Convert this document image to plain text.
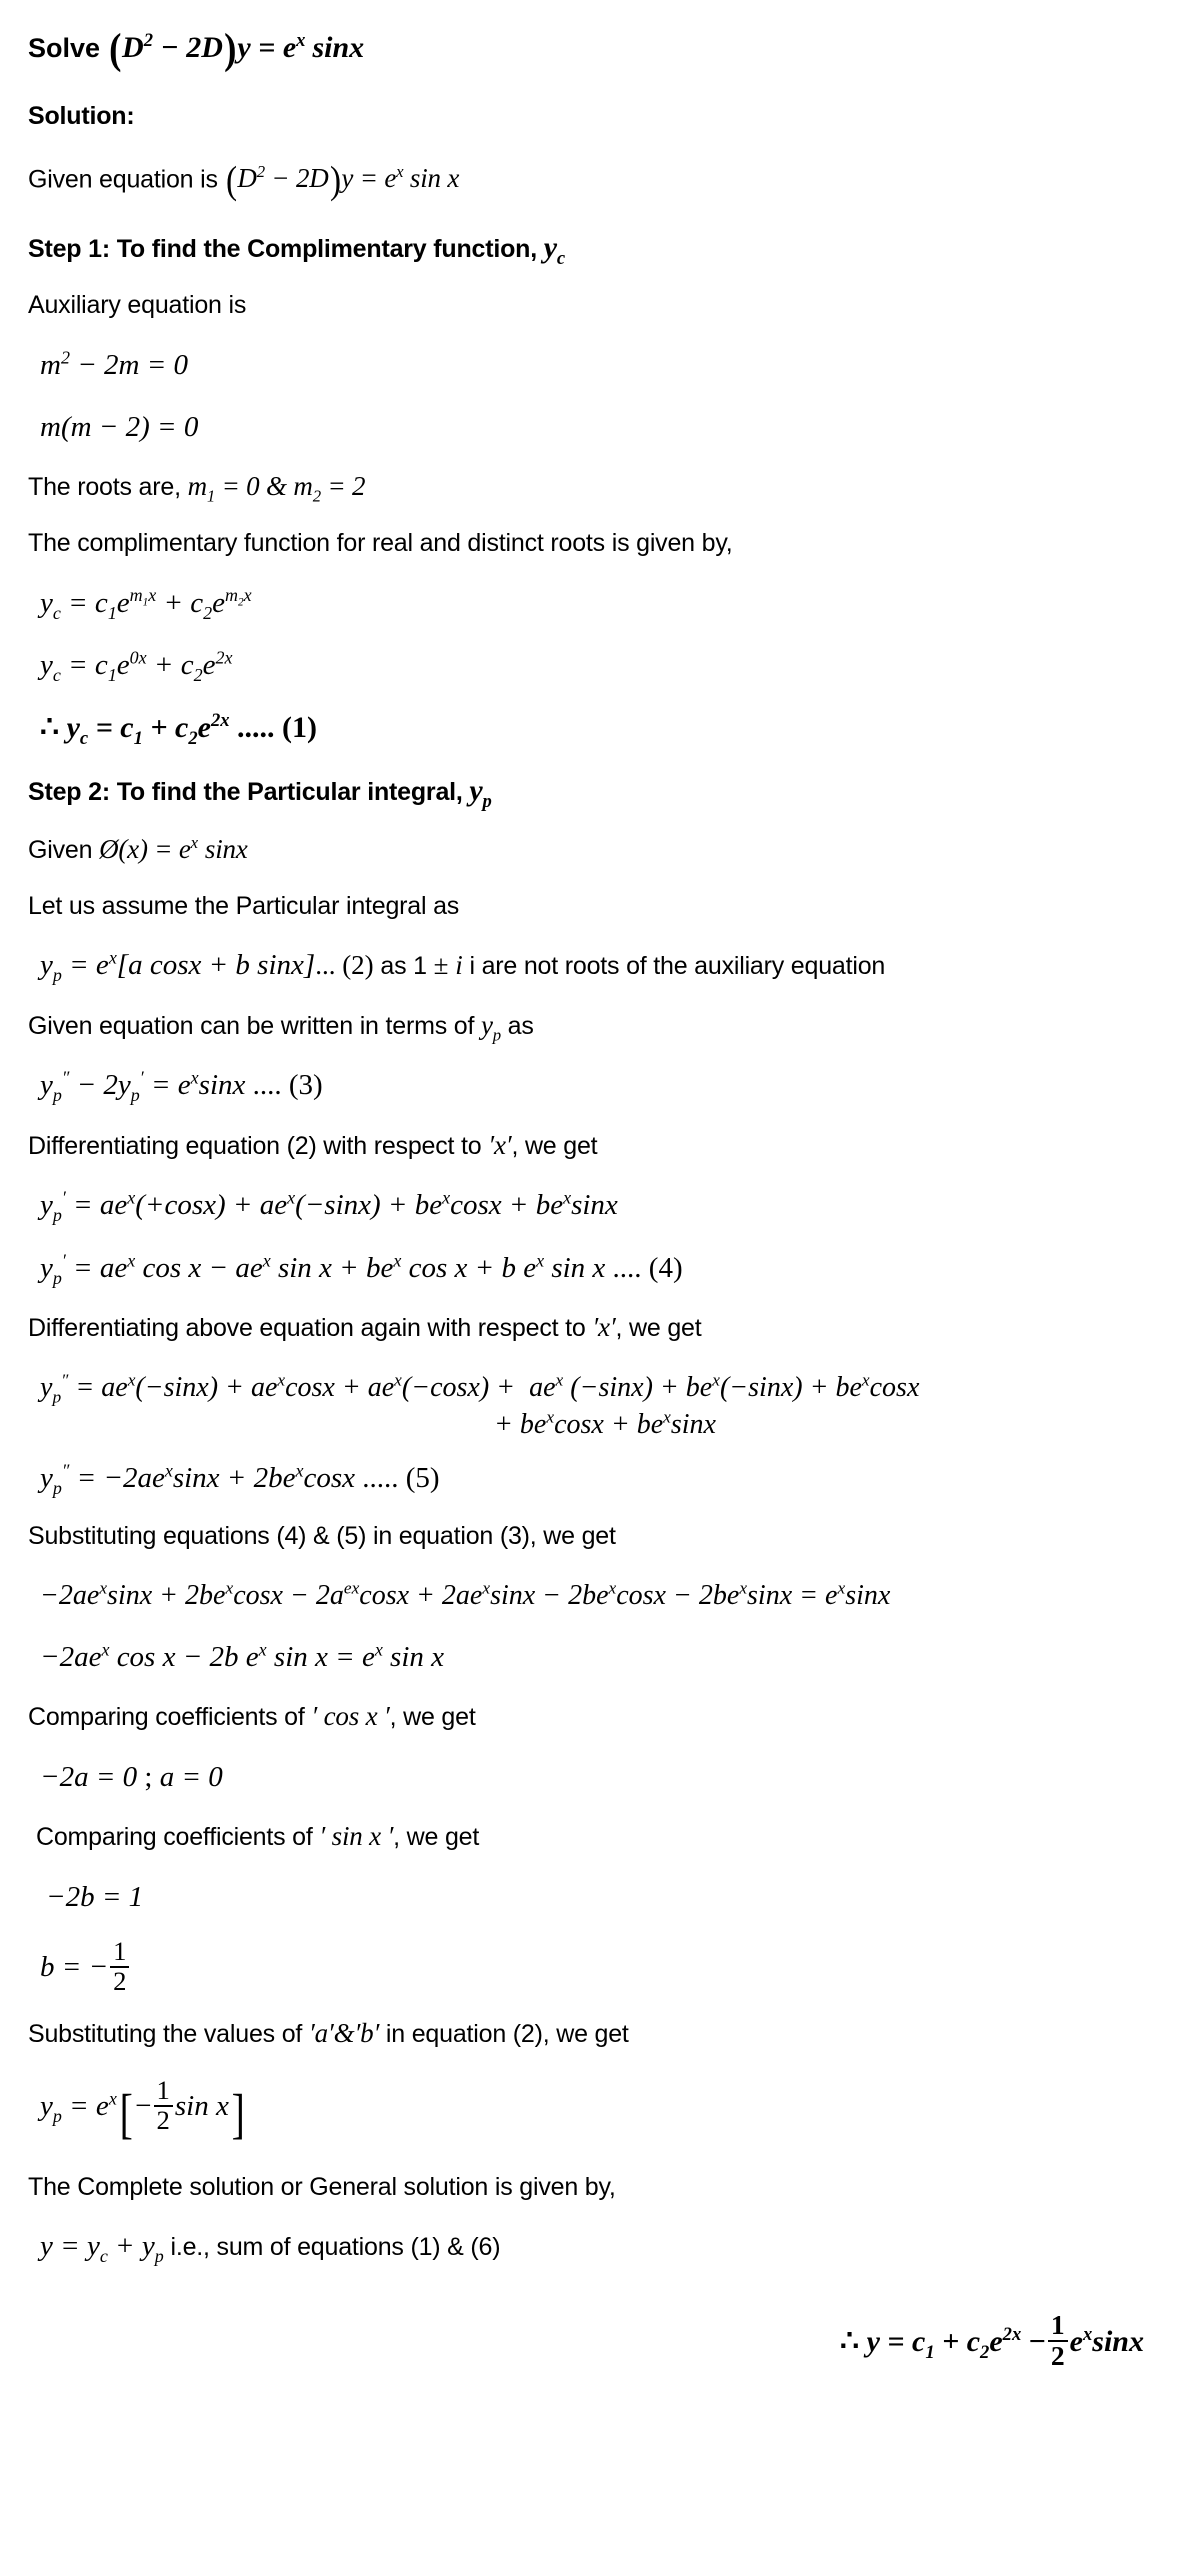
Solve $(D^2 - 2D)y = e^x$ sinx
Solution:
Given equation is $(D^2 - 2D)y = e^x$ sin x
Step 1: To find the Complimentary function, $y_c$
Auxiliary equation is
$m^2 - 2m = 0$
m(m − 2) = 0
The roots are, $m_1 = 0$ & $m_2 = 2$
The complimentary function for real and distinct roots is given by,
$y_c = c_1e^{m_1x} + c_2e^{m_2x}$
$y_c = c_1e^{0x} + c_2e^{2x}$
∴ $y_c = c_1 + c_2e^{2x}$ ..... (1)
Step 2: To find the Particular integral, $y_p$
Given Ø(x) = $e^x$ sinx
Let us assume the Particular integral as
$y_p = e^x[a$ cosx + b sinx]... (2) as 1 ± i i are not roots of the auxiliary equation
Given equation can be written in terms of $y_p$ as
$y_p'' - 2y_p' = e^x\sin x$ .... (3)
Differentiating equation (2) with respect to ′x′, we get
$y_p' = ae^x(+\cos x) + ae^x(-\sin x) + be^x\cos x + be^x\sin x$
$y_p' = ae^x$ $\cos x - ae^x$ $\sin x + be^x$ cos x + b $e^x$ sin x .... (4)
Differentiating above equation again with respect to ′x′, we get
$y_p'' = ae^x(-\sin x) + ae^x\cos x + ae^x(-\cos x) + ae^x$ $(-\sin x) + be^x(-\sin x) + be^x\cos x$
+ $be^x\cos x + be^x\sin x$
$y_p'' = -2ae^x\sin x + 2be^x\cos x$ ..... (5)
Substituting equations (4) & (5) in equation (3), we get
$-2ae^x\sin x + 2be^x\cos x - 2a^{ex}\cos x + 2ae^x\sin x - 2be^x\cos x - 2be^x\sin x = e^x\sin x$
$-2ae^x$ cos x − 2b $e^x$ $\sin x = e^x$ sin x
Comparing coefficients of ′ cos x ′, we get
−2a = 0 ; a = 0
Comparing coefficients of ′ sin x ′, we get
−2b = 1
b = − $\frac{1}{2}$
Substituting the values of ′a′&′b′ in equation (2), we get
$y_p = e^x[- \frac{1}{2}$ sin x]
The Complete solution or General solution is given by,
$y = y_c + y_p$ i.e., sum of equations (1) & (6)
∴ $y = c_1 + c_2e^{2x} - \frac{1}{2} e^x\sin x$
